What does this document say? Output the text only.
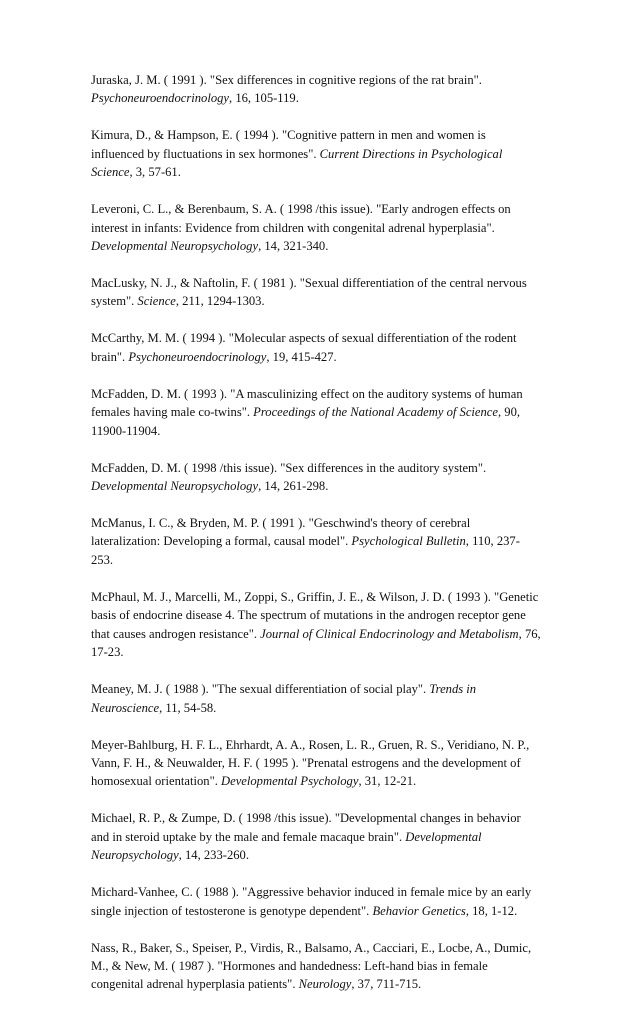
Juraska, J. M. ( 1991 ). "Sex differences in cognitive regions of the rat brain". Psychoneuroendocrinology, 16, 105-119.

Kimura, D., & Hampson, E. ( 1994 ). "Cognitive pattern in men and women is influenced by fluctuations in sex hormones". Current Directions in Psychological Science, 3, 57-61.

Leveroni, C. L., & Berenbaum, S. A. ( 1998 /this issue). "Early androgen effects on interest in infants: Evidence from children with congenital adrenal hyperplasia". Developmental Neuropsychology, 14, 321-340.

MacLusky, N. J., & Naftolin, F. ( 1981 ). "Sexual differentiation of the central nervous system". Science, 211, 1294-1303.

McCarthy, M. M. ( 1994 ). "Molecular aspects of sexual differentiation of the rodent brain". Psychoneuroendocrinology, 19, 415-427.

McFadden, D. M. ( 1993 ). "A masculinizing effect on the auditory systems of human females having male co-twins". Proceedings of the National Academy of Science, 90, 11900-11904.

McFadden, D. M. ( 1998 /this issue). "Sex differences in the auditory system". Developmental Neuropsychology, 14, 261-298.

McManus, I. C., & Bryden, M. P. ( 1991 ). "Geschwind's theory of cerebral lateralization: Developing a formal, causal model". Psychological Bulletin, 110, 237-253.

McPhaul, M. J., Marcelli, M., Zoppi, S., Griffin, J. E., & Wilson, J. D. ( 1993 ). "Genetic basis of endocrine disease 4. The spectrum of mutations in the androgen receptor gene that causes androgen resistance". Journal of Clinical Endocrinology and Metabolism, 76, 17-23.

Meaney, M. J. ( 1988 ). "The sexual differentiation of social play". Trends in Neuroscience, 11, 54-58.

Meyer-Bahlburg, H. F. L., Ehrhardt, A. A., Rosen, L. R., Gruen, R. S., Veridiano, N. P., Vann, F. H., & Neuwalder, H. F. ( 1995 ). "Prenatal estrogens and the development of homosexual orientation". Developmental Psychology, 31, 12-21.

Michael, R. P., & Zumpe, D. ( 1998 /this issue). "Developmental changes in behavior and in steroid uptake by the male and female macaque brain". Developmental Neuropsychology, 14, 233-260.

Michard-Vanhee, C. ( 1988 ). "Aggressive behavior induced in female mice by an early single injection of testosterone is genotype dependent". Behavior Genetics, 18, 1-12.

Nass, R., Baker, S., Speiser, P., Virdis, R., Balsamo, A., Cacciari, E., Locbe, A., Dumic, M., & New, M. ( 1987 ). "Hormones and handedness: Left-hand bias in female congenital adrenal hyperplasia patients". Neurology, 37, 711-715.
